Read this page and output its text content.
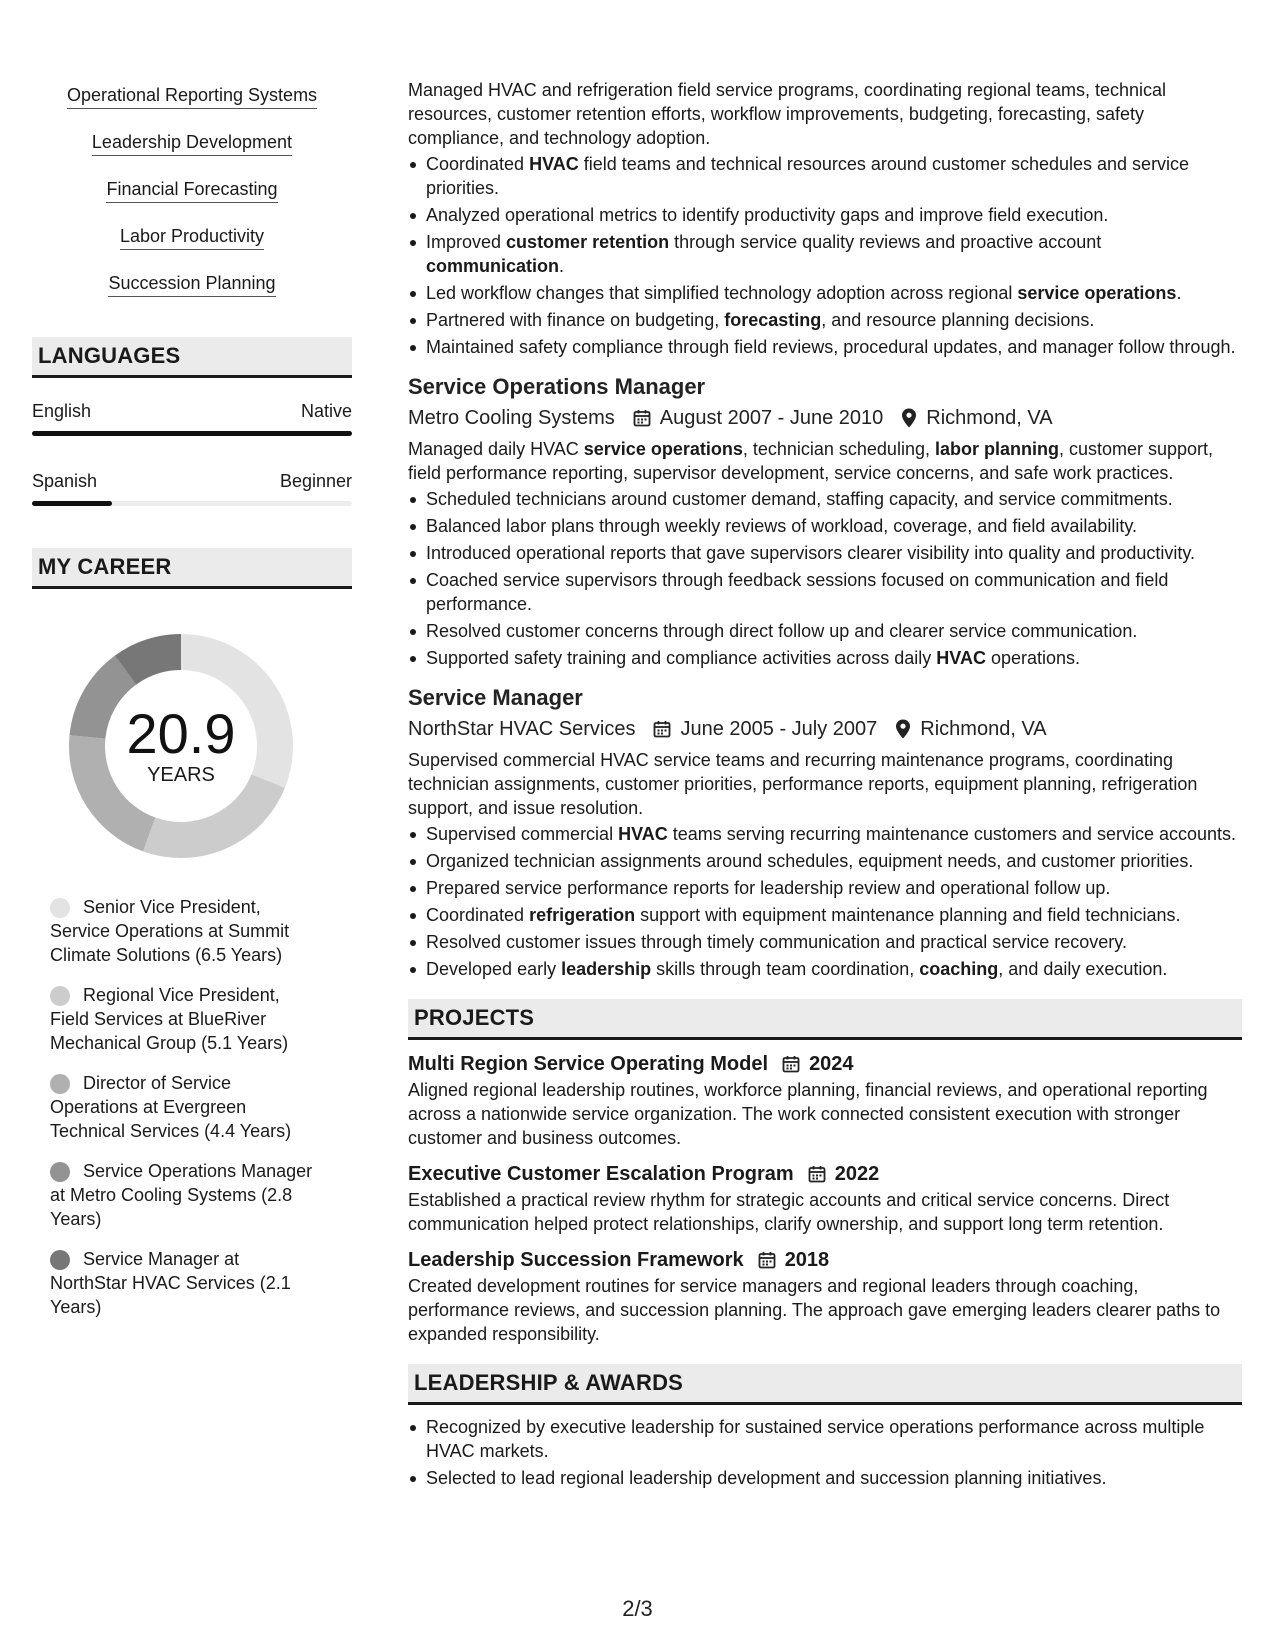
Operational Reporting Systems
Leadership Development
Financial Forecasting
Labor Productivity
Succession Planning
LANGUAGES
English	Native
Spanish	Beginner
MY CAREER
20.9
YEARS
Senior Vice President, Service Operations at Summit Climate Solutions (6.5 Years)
Regional Vice President, Field Services at BlueRiver Mechanical Group (5.1 Years)
Director of Service Operations at Evergreen Technical Services (4.4 Years)
Service Operations Manager at Metro Cooling Systems (2.8 Years)
Service Manager at NorthStar HVAC Services (2.1 Years)

Managed HVAC and refrigeration field service programs, coordinating regional teams, technical resources, customer retention efforts, workflow improvements, budgeting, forecasting, safety compliance, and technology adoption.

Coordinated HVAC field teams and technical resources around customer schedules and service priorities.
Analyzed operational metrics to identify productivity gaps and improve field execution.
Improved customer retention through service quality reviews and proactive account communication.
Led workflow changes that simplified technology adoption across regional service operations.
Partnered with finance on budgeting, forecasting, and resource planning decisions.
Maintained safety compliance through field reviews, procedural updates, and manager follow through.
Service Operations Manager
Metro Cooling Systems August 2007 - June 2010 Richmond, VA

Managed daily HVAC service operations, technician scheduling, labor planning, customer support, field performance reporting, supervisor development, service concerns, and safe work practices.

Scheduled technicians around customer demand, staffing capacity, and service commitments.
Balanced labor plans through weekly reviews of workload, coverage, and field availability.
Introduced operational reports that gave supervisors clearer visibility into quality and productivity.
Coached service supervisors through feedback sessions focused on communication and field performance.
Resolved customer concerns through direct follow up and clearer service communication.
Supported safety training and compliance activities across daily HVAC operations.
Service Manager
NorthStar HVAC Services June 2005 - July 2007 Richmond, VA

Supervised commercial HVAC service teams and recurring maintenance programs, coordinating technician assignments, customer priorities, performance reports, equipment planning, refrigeration support, and issue resolution.

Supervised commercial HVAC teams serving recurring maintenance customers and service accounts.
Organized technician assignments around schedules, equipment needs, and customer priorities.
Prepared service performance reports for leadership review and operational follow up.
Coordinated refrigeration support with equipment maintenance planning and field technicians.
Resolved customer issues through timely communication and practical service recovery.
Developed early leadership skills through team coordination, coaching, and daily execution.
PROJECTS
Multi Region Service Operating Model 2024

Aligned regional leadership routines, workforce planning, financial reviews, and operational reporting across a nationwide service organization. The work connected consistent execution with stronger customer and business outcomes.

Executive Customer Escalation Program 2022

Established a practical review rhythm for strategic accounts and critical service concerns. Direct communication helped protect relationships, clarify ownership, and support long term retention.

Leadership Succession Framework 2018

Created development routines for service managers and regional leaders through coaching, performance reviews, and succession planning. The approach gave emerging leaders clearer paths to expanded responsibility.

LEADERSHIP & AWARDS
Recognized by executive leadership for sustained service operations performance across multiple HVAC markets.
Selected to lead regional leadership development and succession planning initiatives.
2/3
